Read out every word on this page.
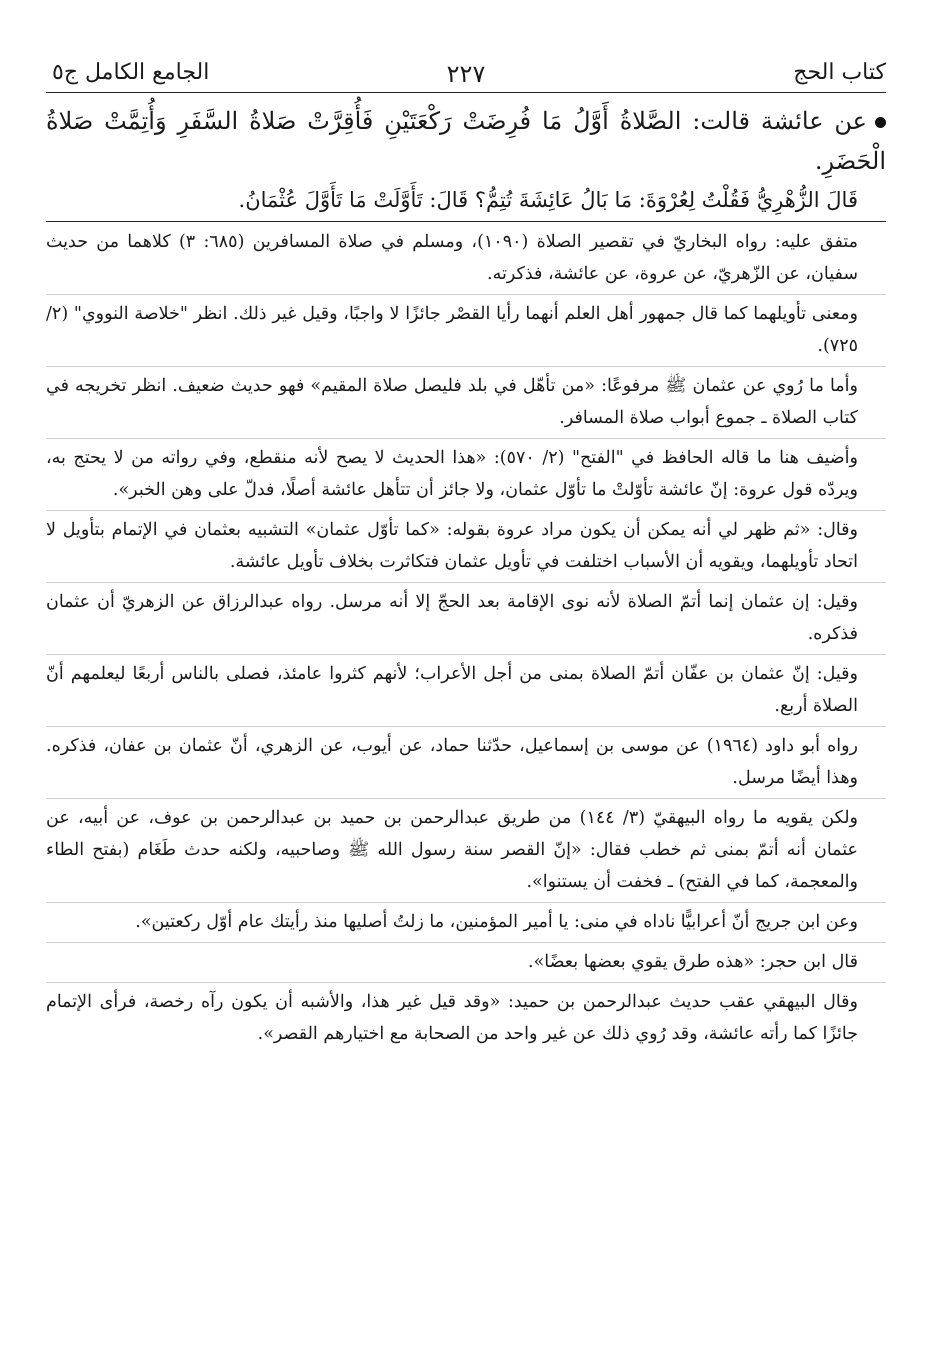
كتاب الحج
٢٢٧
الجامع الكامل ج٥

عن عائشة قالت: الصَّلاةُ أَوَّلُ مَا فُرِضَتْ رَكْعَتَيْنِ فَأُقِرَّتْ صَلاةُ السَّفَرِ وَأُتِمَّتْ صَلاةُ الْحَضَرِ.

قَالَ الزُّهْرِيُّ فَقُلْتُ لِعُرْوَةَ: مَا بَالُ عَائِشَةَ تُتِمُّ؟ قَالَ: تَأَوَّلَتْ مَا تَأَوَّلَ عُثْمَانُ.

متفق عليه: رواه البخاريّ في تقصير الصلاة (١٠٩٠)، ومسلم في صلاة المسافرين (٦٨٥: ٣) كلاهما من حديث سفيان، عن الزّهريّ، عن عروة، عن عائشة، فذكرته.

ومعنى تأويلهما كما قال جمهور أهل العلم أنهما رأيا القصْر جائزًا لا واجبًا، وقيل غير ذلك. انظر "خلاصة النووي" (٢/ ٧٢٥).

وأما ما رُوي عن عثمان ﷺ مرفوعًا: «من تأهّل في بلد فليصل صلاة المقيم» فهو حديث ضعيف. انظر تخريجه في كتاب الصلاة ـ جموع أبواب صلاة المسافر.

وأضيف هنا ما قاله الحافظ في "الفتح" (٢/ ٥٧٠): «هذا الحديث لا يصح لأنه منقطع، وفي رواته من لا يحتج به، ويردّه قول عروة: إنّ عائشة تأوّلتْ ما تأوّل عثمان، ولا جائز أن تتأهل عائشة أصلًا، فدلّ على وهن الخبر».

وقال: «ثم ظهر لي أنه يمكن أن يكون مراد عروة بقوله: «كما تأوّل عثمان» التشبيه بعثمان في الإتمام بتأويل لا اتحاد تأويلهما، ويقويه أن الأسباب اختلفت في تأويل عثمان فتكاثرت بخلاف تأويل عائشة.

وقيل: إن عثمان إنما أتمّ الصلاة لأنه نوى الإقامة بعد الحجّ إلا أنه مرسل. رواه عبدالرزاق عن الزهريّ أن عثمان فذكره.

وقيل: إنّ عثمان بن عفّان أتمّ الصلاة بمنى من أجل الأعراب؛ لأنهم كثروا عامئذ، فصلى بالناس أربعًا ليعلمهم أنّ الصلاة أربع.

رواه أبو داود (١٩٦٤) عن موسى بن إسماعيل، حدّثنا حماد، عن أيوب، عن الزهري، أنّ عثمان بن عفان، فذكره. وهذا أيضًا مرسل.

ولكن يقويه ما رواه البيهقيّ (٣/ ١٤٤) من طريق عبدالرحمن بن حميد بن عبدالرحمن بن عوف، عن أبيه، عن عثمان أنه أتمّ بمنى ثم خطب فقال: «إنّ القصر سنة رسول الله ﷺ وصاحبيه، ولكنه حدث طَغَام (بفتح الطاء والمعجمة، كما في الفتح) ـ فخفت أن يستنوا».

وعن ابن جريج أنّ أعرابيًّا ناداه في منى: يا أمير المؤمنين، ما زلتُ أصليها منذ رأيتك عام أوّل ركعتين».

قال ابن حجر: «هذه طرق يقوي بعضها بعضًا».

وقال البيهقي عقب حديث عبدالرحمن بن حميد: «وقد قيل غير هذا، والأشبه أن يكون رآه رخصة، فرأى الإتمام جائزًا كما رأته عائشة، وقد رُوي ذلك عن غير واحد من الصحابة مع اختيارهم القصر».
